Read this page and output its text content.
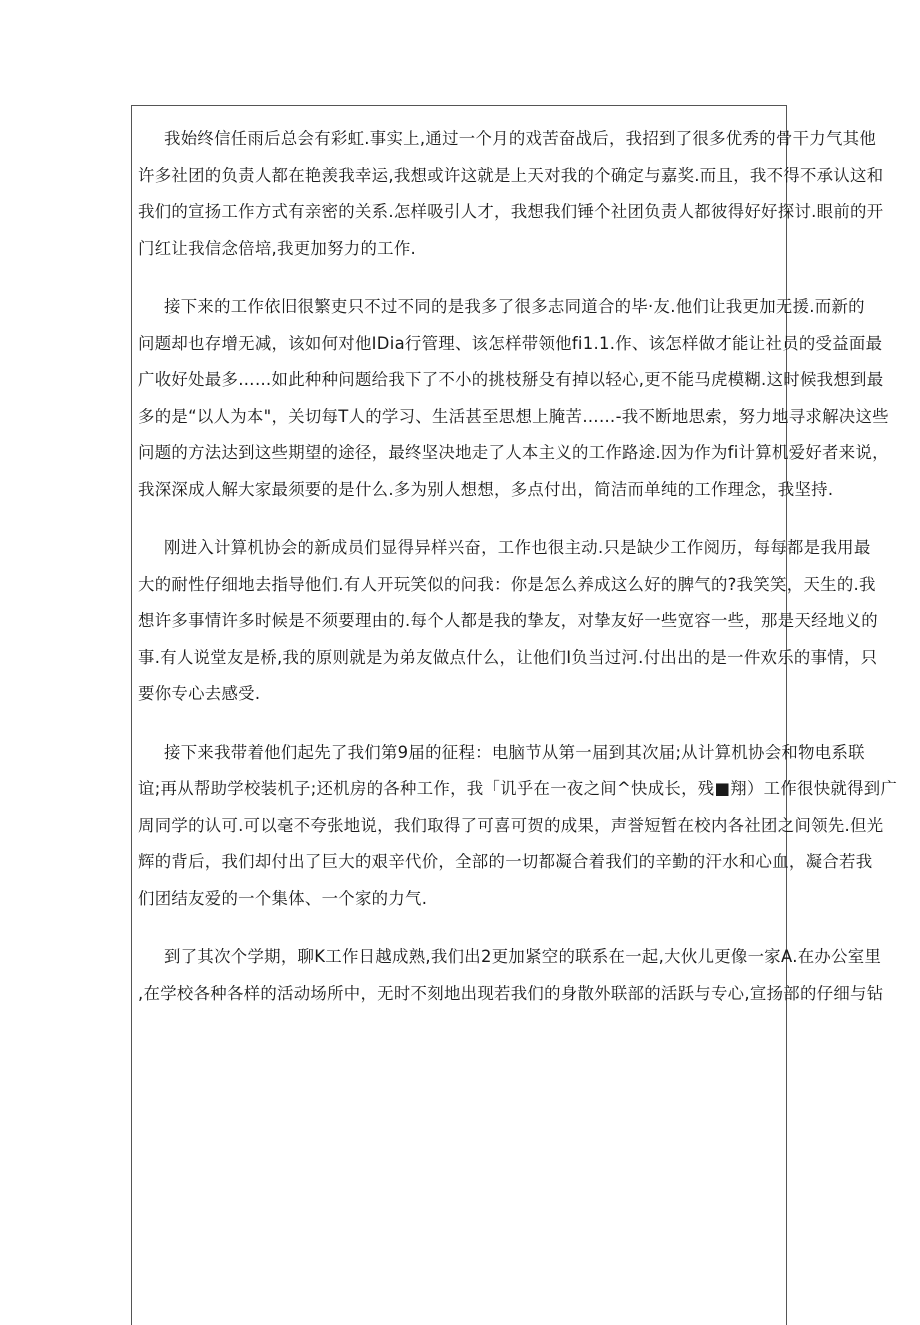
我始终信任雨后总会有彩虹.事实上,通过一个月的戏苦奋战后，我招到了很多优秀的骨干力气其他
许多社团的负责人都在艳羡我幸运,我想或许这就是上天对我的个确定与嘉奖.而且，我不得不承认这和
我们的宣扬工作方式有亲密的关系.怎样吸引人才，我想我们锤个社团负责人都彼得好好探讨.眼前的开
门红让我信念倍培,我更加努力的工作.

接下来的工作依旧很繁吏只不过不同的是我多了很多志同道合的毕·友.他们让我更加无援.而新的
问题却也存增无减，该如何对他IDia行管理、该怎样带领他fi1.1.作、该怎样做才能让社员的受益面最
广收好处最多……如此种种问题给我下了不小的挑枝掰殳有掉以轻心,更不能马虎模糊.这时候我想到最
多的是“以人为本"，关切每T人的学习、生活甚至思想上腌苦……-我不断地思索，努力地寻求解决这些
问题的方法达到这些期望的途径，最终坚决地走了人本主义的工作路途.因为作为fi计算机爱好者来说，
我深深成人解大家最须要的是什么.多为别人想想，多点付出，简洁而单纯的工作理念，我坚持.

刚进入计算机协会的新成员们显得异样兴奋，工作也很主动.只是缺少工作阅历，每每都是我用最
大的耐性仔细地去指导他们.有人开玩笑似的问我：你是怎么养成这么好的脾气的?我笑笑，天生的.我
想许多事情许多时候是不须要理由的.每个人都是我的挚友，对挚友好一些宽容一些，那是天经地义的
事.有人说堂友是桥,我的原则就是为弟友做点什么，让他们I负当过河.付出出的是一件欢乐的事情，只
要你专心去感受.

接下来我带着他们起先了我们第9届的征程：电脑节从第一届到其次届;从计算机协会和物电系联
谊;再从帮助学校装机子;还机房的各种工作，我「讥乎在一夜之间^快成长，残■翔）工作很快就得到广
周同学的认可.可以毫不夸张地说，我们取得了可喜可贺的成果，声誉短暂在校内各社团之间领先.但光
辉的背后，我们却付出了巨大的艰辛代价，全部的一切都凝合着我们的辛勤的汗水和心血，凝合若我
们团结友爱的一个集体、一个家的力气.

到了其次个学期，聊K工作日越成熟,我们出2更加紧空的联系在一起,大伙儿更像一家A.在办公室里
,在学校各种各样的活动场所中，无时不刻地出现若我们的身散外联部的活跃与专心,宣扬部的仔细与钻
